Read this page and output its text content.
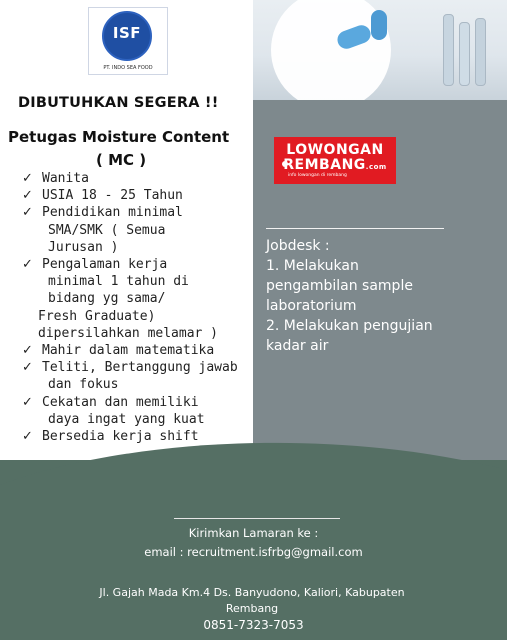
ISF
PT. INDO SEA FOOD
DIBUTUHKAN SEGERA !!
Petugas Moisture Content
( MC )
✓ Wanita
✓ USIA 18 - 25 Tahun
✓ Pendidikan minimal
SMA/SMK ( Semua
Jurusan )
✓ Pengalaman kerja
minimal 1 tahun di
bidang yg sama/
Fresh Graduate)
dipersilahkan melamar )
✓ Mahir dalam matematika
✓ Teliti, Bertanggung jawab
dan fokus
✓ Cekatan dan memiliki
daya ingat yang kuat
✓ Bersedia kerja shift
LOWONGAN
REMBANG.com
info lowongan di rembang
Jobdesk :
1. Melakukan
pengambilan sample
laboratorium
2. Melakukan pengujian
kadar air
Kirimkan Lamaran ke :
email : recruitment.isfrbg@gmail.com
Jl. Gajah Mada Km.4 Ds. Banyudono, Kaliori, Kabupaten
Rembang
0851-7323-7053
